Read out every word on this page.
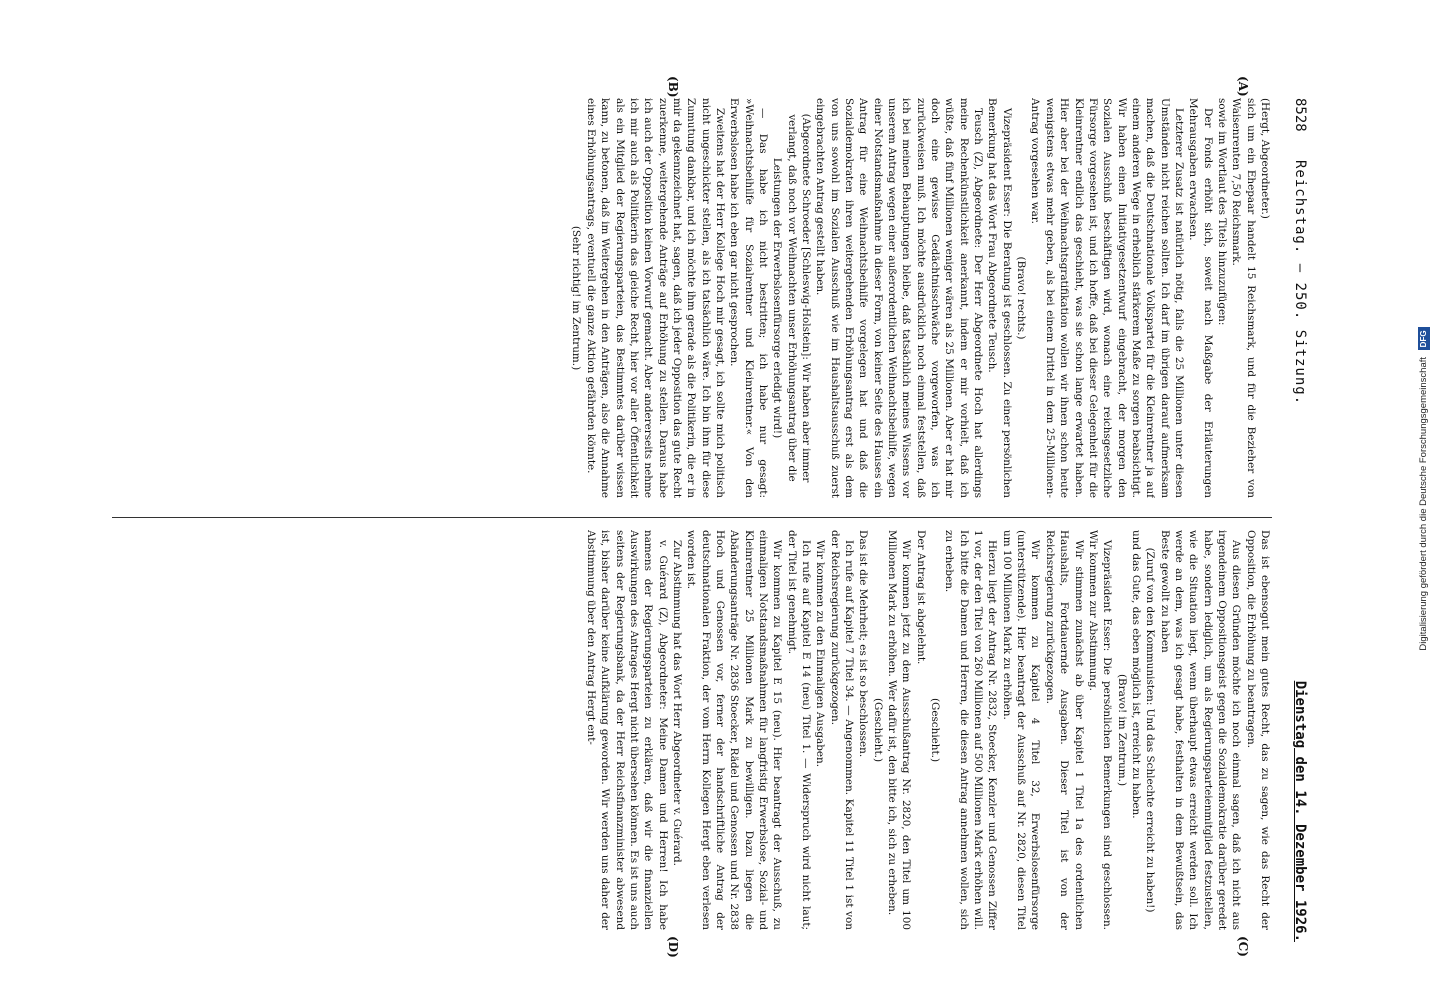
8528
Reichstag. — 250. Sitzung.
Dienstag den 14. Dezember 1926.

(Hergt, Abgeordneter.)

sich um ein Ehepaar handelt 15 Reichsmark, und für die Bezieher von Waisenrenten 7,50 Reichsmark.

sowie im Wortlaut des Titels hinzuzufügen:

Der Fonds erhöht sich, soweit nach Maßgabe der Erläuterungen Mehrausgaben erwachsen.

Letzterer Zusatz ist natürlich nötig, falls die 25 Millionen unter diesen Umständen nicht reichen sollten. Ich darf im übrigen darauf aufmerksam machen, daß die Deutschnationale Volkspartei für die Kleinrentner ja auf einem anderen Wege in erheblich stärkerem Maße zu sorgen beabsichtigt. Wir haben einen Initiativgesetzentwurf eingebracht, der morgen den Sozialen Ausschuß beschäftigen wird, wonach eine reichsgesetzliche Fürsorge vorgesehen ist, und ich hoffe, daß bei dieser Gelegenheit für die Kleinrentner endlich das geschieht, was sie schon lange erwartet haben. Hier aber bei der Weihnachtsgratifikation wollen wir ihnen schon heute wenigstens etwas mehr geben, als bei einem Drittel in dem 25-Millionen-Antrag vorgesehen war.

(Bravo! rechts.)

Vizepräsident Esser: Die Beratung ist geschlossen. Zu einer persönlichen Bemerkung hat das Wort Frau Abgeordnete Teusch.

Teusch (Z), Abgeordnete: Der Herr Abgeordnete Hoch hat allerdings meine Rechenkünstlichkeit anerkannt, indem er mir vorhielt, daß ich wüßte, daß fünf Millionen weniger wären als 25 Millionen. Aber er hat mir doch eine gewisse Gedächtnisschwäche vorgeworfen, was ich zurückweisen muß. Ich möchte ausdrücklich noch einmal feststellen, daß ich bei meinen Behauptungen bleibe, daß tatsächlich meines Wissens vor unserem Antrag wegen einer außerordentlichen Weihnachtsbeihilfe, wegen einer Notstandsmaßnahme in dieser Form, von keiner Seite des Hauses ein Antrag für eine Weihnachtsbeihilfe vorgelegen hat und daß die Sozialdemokraten ihren weitergehenden Erhöhungsantrag erst als dem von uns sowohl im Sozialen Ausschuß wie im Haushaltsausschuß zuerst eingebrachten Antrag gestellt haben.

(Abgeordnete Schroeder [Schleswig-Holstein]: Wir haben aber immer verlangt, daß noch vor Weihnachten unser Erhöhungsantrag über die Leistungen der Erwerbslosenfürsorge erledigt wird!)

— Das habe ich nicht bestritten; ich habe nur gesagt: »Weihnachtsbeihilfe für Sozialrentner und Kleinrentner.« Von den Erwerbslosen habe ich eben gar nicht gesprochen.

Zweitens hat der Herr Kollege Hoch mir gesagt, ich sollte mich politisch nicht ungeschickter stellen, als ich tatsächlich wäre. Ich bin ihm für diese Zumutung dankbar, und ich möchte ihm gerade als die Politikerin, die er in mir da gekennzeichnet hat, sagen, daß ich jeder Opposition das gute Recht zuerkenne, weitergehende Anträge auf Erhöhung zu stellen. Daraus habe ich auch der Opposition keinen Vorwurf gemacht. Aber andererseits nehme ich mir auch als Politikerin das gleiche Recht, hier vor aller Öffentlichkeit als ein Mitglied der Regierungsparteien, das Bestimmtes darüber wissen kann, zu betonen, daß im Weitergehen in den Anträgen, also die Annahme eines Erhöhungsantrags, eventuell die ganze Aktion gefährden könnte.

(Sehr richtig! im Zentrum.)

Das ist ebensogut mein gutes Recht, das zu sagen, wie das Recht der Opposition, die Erhöhung zu beantragen.

Aus diesen Gründen möchte ich noch einmal sagen, daß ich nicht aus irgendeinem Oppositionsgeist gegen die Sozialdemokratie darüber geredet habe, sondern lediglich, um als Regierungsparteienmitglied festzustellen, wie die Situation liegt, wenn überhaupt etwas erreicht werden soll. Ich werde an dem, was ich gesagt habe, festhalten in dem Bewußtsein, das Beste gewollt zu haben

(Zuruf von den Kommunisten: Und das Schlechte erreicht zu haben!)

und das Gute, das eben möglich ist, erreicht zu haben.

(Bravo! im Zentrum.)

Vizepräsident Esser: Die persönlichen Bemerkungen sind geschlossen. Wir kommen zur Abstimmung.

Wir stimmen zunächst ab über Kapitel 1 Titel 1a des ordentlichen Haushalts, Fortdauernde Ausgaben. Dieser Titel ist von der Reichsregierung zurückgezogen.

Wir kommen zu Kapitel 4 Titel 32, Erwerbslosenfürsorge (unterstützende). Hier beantragt der Ausschuß auf Nr. 2820, diesen Titel um 100 Millionen Mark zu erhöhen.

Hierzu liegt der Antrag Nr. 2832, Stoecker, Kenzler und Genossen Ziffer 1 vor, der den Titel von 260 Millionen auf 500 Millionen Mark erhöhen will. Ich bitte die Damen und Herren, die diesen Antrag annehmen wollen, sich zu erheben.

(Geschieht.)

Der Antrag ist abgelehnt.

Wir kommen jetzt zu dem Ausschußantrag Nr. 2820, den Titel um 100 Millionen Mark zu erhöhen. Wer dafür ist, den bitte ich, sich zu erheben.

(Geschieht.)

Das ist die Mehrheit; es ist so beschlossen.

Ich rufe auf Kapitel 7 Titel 34. — Angenommen. Kapitel 11 Titel 1 ist von der Reichsregierung zurückgezogen.

Wir kommen zu den Einmaligen Ausgaben.

Ich rufe auf Kapitel E 14 (neu) Titel 1. — Widerspruch wird nicht laut; der Titel ist genehmigt.

Wir kommen zu Kapitel E 15 (neu). Hier beantragt der Ausschuß, zu einmaligen Notstandsmaßnahmen für langfristig Erwerbslose, Sozial- und Kleinrentner 25 Millionen Mark zu bewilligen. Dazu liegen die Abänderungsanträge Nr. 2836 Stoecker, Rädel und Genossen und Nr. 2838 Hoch und Genossen vor, ferner der handschriftliche Antrag der deutschnationalen Fraktion, der vom Herrn Kollegen Hergt eben verlesen worden ist.

Zur Abstimmung hat das Wort Herr Abgeordneter v. Guérard.

v. Guérard (Z), Abgeordneter: Meine Damen und Herren! Ich habe namens der Regierungsparteien zu erklären, daß wir die finanziellen Auswirkungen des Antrages Hergt nicht übersehen können. Es ist uns auch seitens der Regierungsbank, da der Herr Reichsfinanzminister abwesend ist, bisher darüber keine Aufklärung geworden. Wir werden uns daher der Abstimmung über den Antrag Hergt ent-

(A)
(B)
(C)
(D)
Digitalisierung gefördert durch die Deutsche Forschungsgemeinschaft DFG
